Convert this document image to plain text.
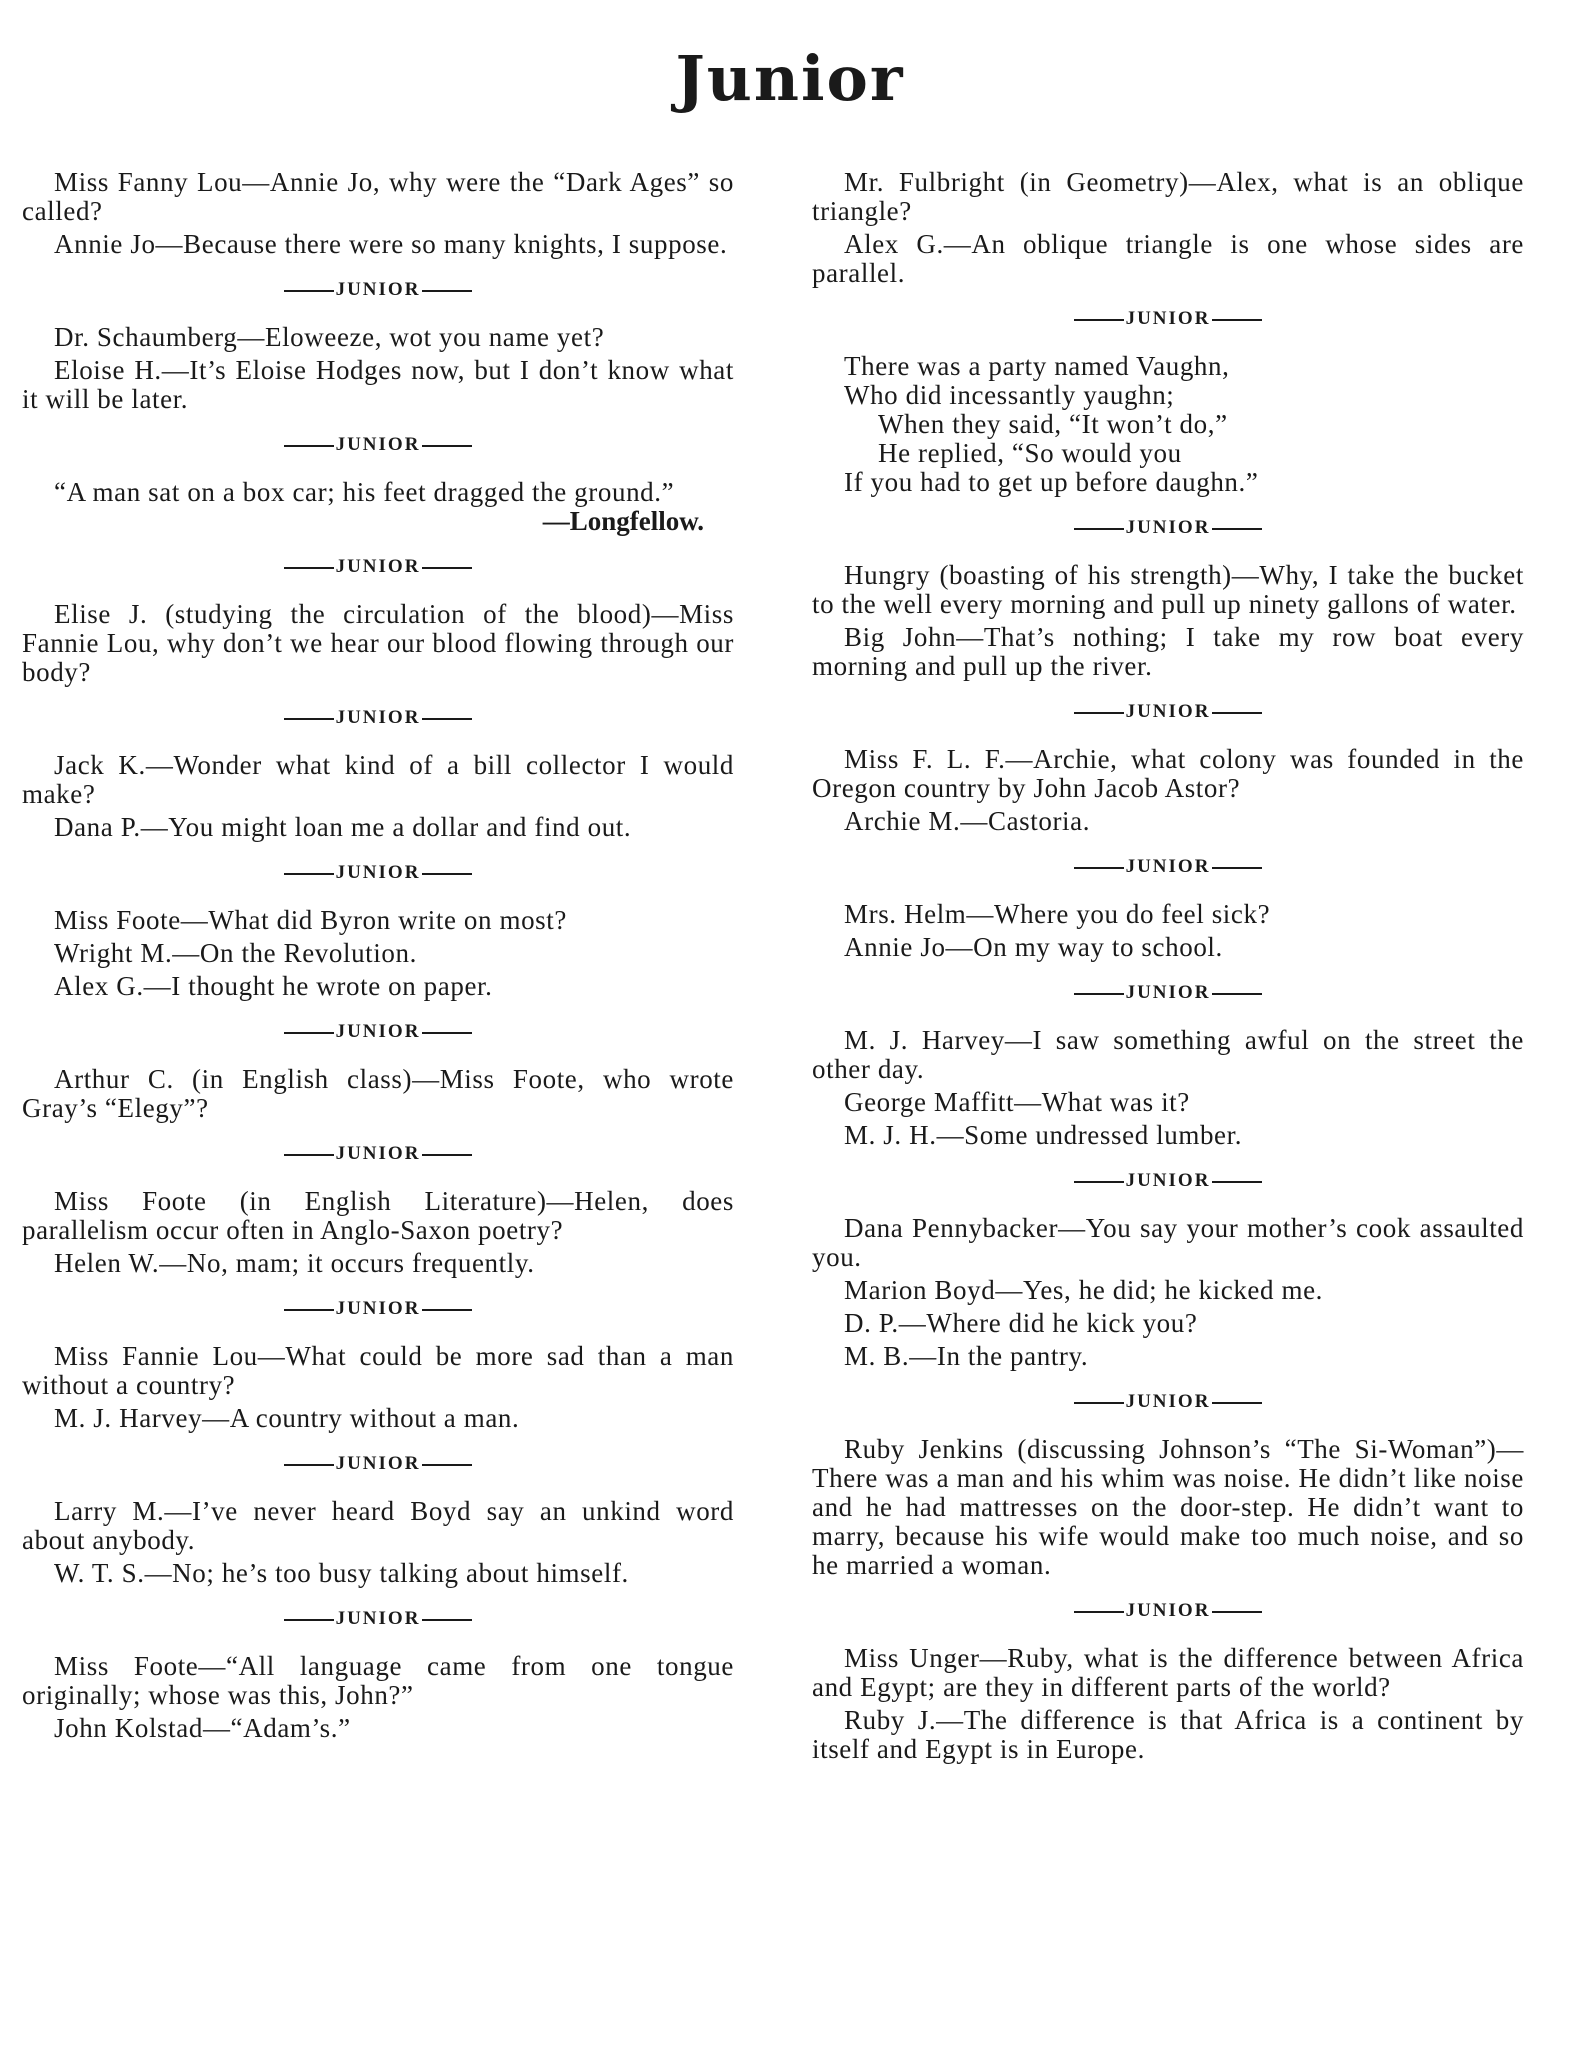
Junior

Miss Fanny Lou—Annie Jo, why were the “Dark Ages” so called?

Annie Jo—Because there were so many knights, I suppose.

JUNIOR

Dr. Schaumberg—Eloweeze, wot you name yet?

Eloise H.—It’s Eloise Hodges now, but I don’t know what it will be later.

JUNIOR

“A man sat on a box car; his feet dragged the ground.”

—Longfellow.

JUNIOR

Elise J. (studying the circulation of the blood)—Miss Fannie Lou, why don’t we hear our blood flowing through our body?

JUNIOR

Jack K.—Wonder what kind of a bill collector I would make?

Dana P.—You might loan me a dollar and find out.

JUNIOR

Miss Foote—What did Byron write on most?

Wright M.—On the Revolution.

Alex G.—I thought he wrote on paper.

JUNIOR

Arthur C. (in English class)—Miss Foote, who wrote Gray’s “Elegy”?

JUNIOR

Miss Foote (in English Literature)—Helen, does parallelism occur often in Anglo-Saxon poetry?

Helen W.—No, mam; it occurs frequently.

JUNIOR

Miss Fannie Lou—What could be more sad than a man without a country?

M. J. Harvey—A country without a man.

JUNIOR

Larry M.—I’ve never heard Boyd say an unkind word about anybody.

W. T. S.—No; he’s too busy talking about himself.

JUNIOR

Miss Foote—“All language came from one tongue originally; whose was this, John?”

John Kolstad—“Adam’s.”

Mr. Fulbright (in Geometry)—Alex, what is an oblique triangle?

Alex G.—An oblique triangle is one whose sides are parallel.

JUNIOR

There was a party named Vaughn,

Who did incessantly yaughn;

When they said, “It won’t do,”

He replied, “So would you

If you had to get up before daughn.”

JUNIOR

Hungry (boasting of his strength)—Why, I take the bucket to the well every morning and pull up ninety gallons of water.

Big John—That’s nothing; I take my row boat every morning and pull up the river.

JUNIOR

Miss F. L. F.—Archie, what colony was founded in the Oregon country by John Jacob Astor?

Archie M.—Castoria.

JUNIOR

Mrs. Helm—Where you do feel sick?

Annie Jo—On my way to school.

JUNIOR

M. J. Harvey—I saw something awful on the street the other day.

George Maffitt—What was it?

M. J. H.—Some undressed lumber.

JUNIOR

Dana Pennybacker—You say your mother’s cook assaulted you.

Marion Boyd—Yes, he did; he kicked me.

D. P.—Where did he kick you?

M. B.—In the pantry.

JUNIOR

Ruby Jenkins (discussing Johnson’s “The Si-Woman”)—There was a man and his whim was noise. He didn’t like noise and he had mattresses on the door-step. He didn’t want to marry, because his wife would make too much noise, and so he married a woman.

JUNIOR

Miss Unger—Ruby, what is the difference between Africa and Egypt; are they in different parts of the world?

Ruby J.—The difference is that Africa is a continent by itself and Egypt is in Europe.
